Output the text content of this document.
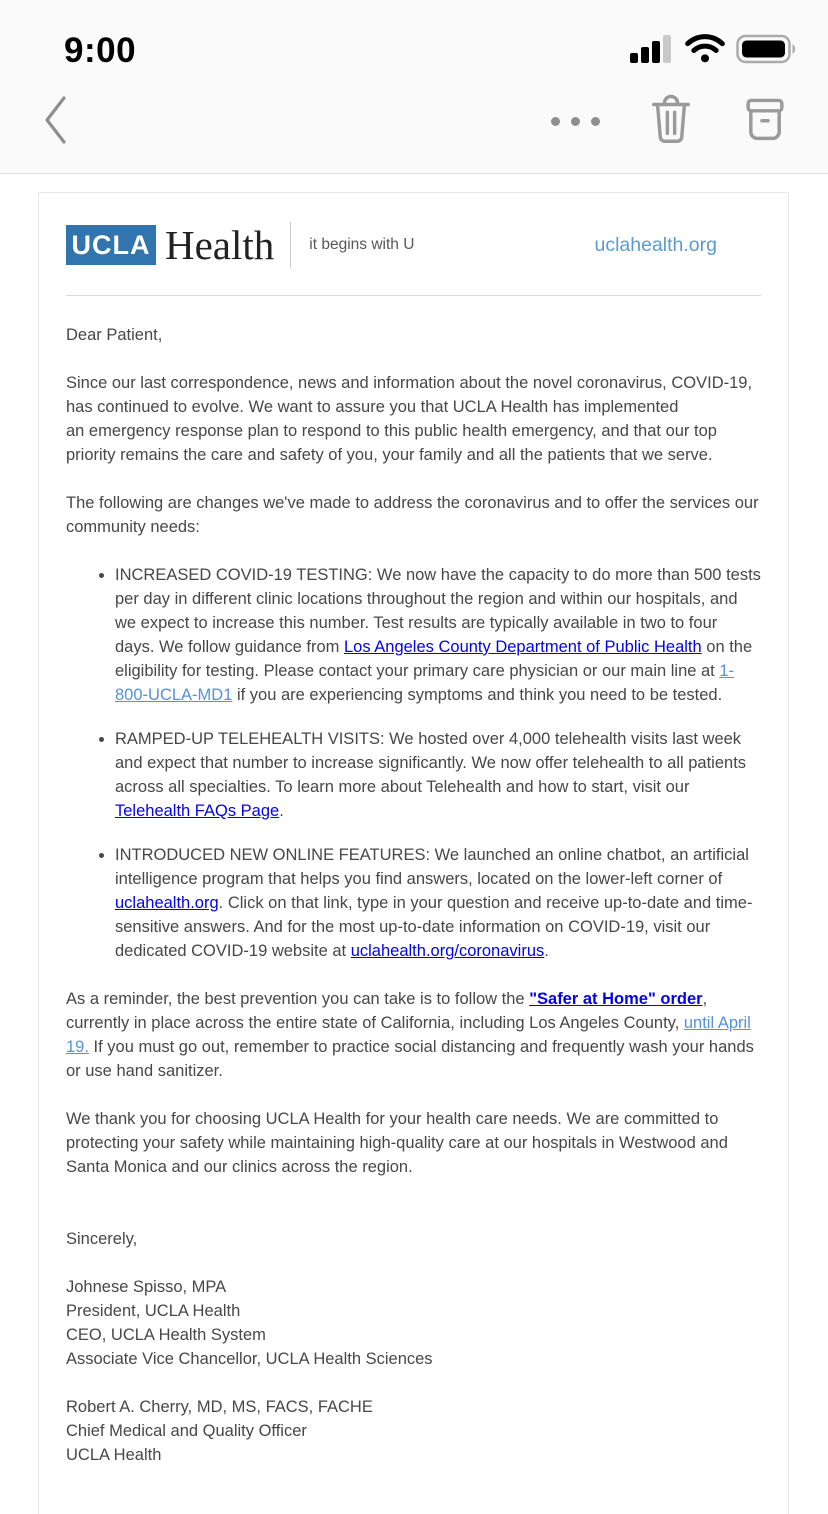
9:00
UCLA Health it begins with U	uclahealth.org

Dear Patient,

Since our last correspondence, news and information about the novel coronavirus, COVID-19, has continued to evolve. We want to assure you that UCLA Health has implemented
an emergency response plan to respond to this public health emergency, and that our top priority remains the care and safety of you, your family and all the patients that we serve.

The following are changes we've made to address the coronavirus and to offer the services our community needs:

• INCREASED COVID-19 TESTING: We now have the capacity to do more than 500 tests per day in different clinic locations throughout the region and within our hospitals, and we expect to increase this number. Test results are typically available in two to four days. We follow guidance from Los Angeles County Department of Public Health on the eligibility for testing. Please contact your primary care physician or our main line at 1-800-UCLA-MD1 if you are experiencing symptoms and think you need to be tested.
• RAMPED-UP TELEHEALTH VISITS: We hosted over 4,000 telehealth visits last week and expect that number to increase significantly. We now offer telehealth to all patients across all specialties. To learn more about Telehealth and how to start, visit our Telehealth FAQs Page.
• INTRODUCED NEW ONLINE FEATURES: We launched an online chatbot, an artificial intelligence program that helps you find answers, located on the lower-left corner of uclahealth.org. Click on that link, type in your question and receive up-to-date and time-sensitive answers. And for the most up-to-date information on COVID-19, visit our dedicated COVID-19 website at uclahealth.org/coronavirus.

As a reminder, the best prevention you can take is to follow the "Safer at Home" order, currently in place across the entire state of California, including Los Angeles County, until April 19. If you must go out, remember to practice social distancing and frequently wash your hands or use hand sanitizer.

We thank you for choosing UCLA Health for your health care needs. We are committed to protecting your safety while maintaining high-quality care at our hospitals in Westwood and Santa Monica and our clinics across the region.

Sincerely,

Johnese Spisso, MPA
President, UCLA Health
CEO, UCLA Health System
Associate Vice Chancellor, UCLA Health Sciences

Robert A. Cherry, MD, MS, FACS, FACHE
Chief Medical and Quality Officer
UCLA Health
